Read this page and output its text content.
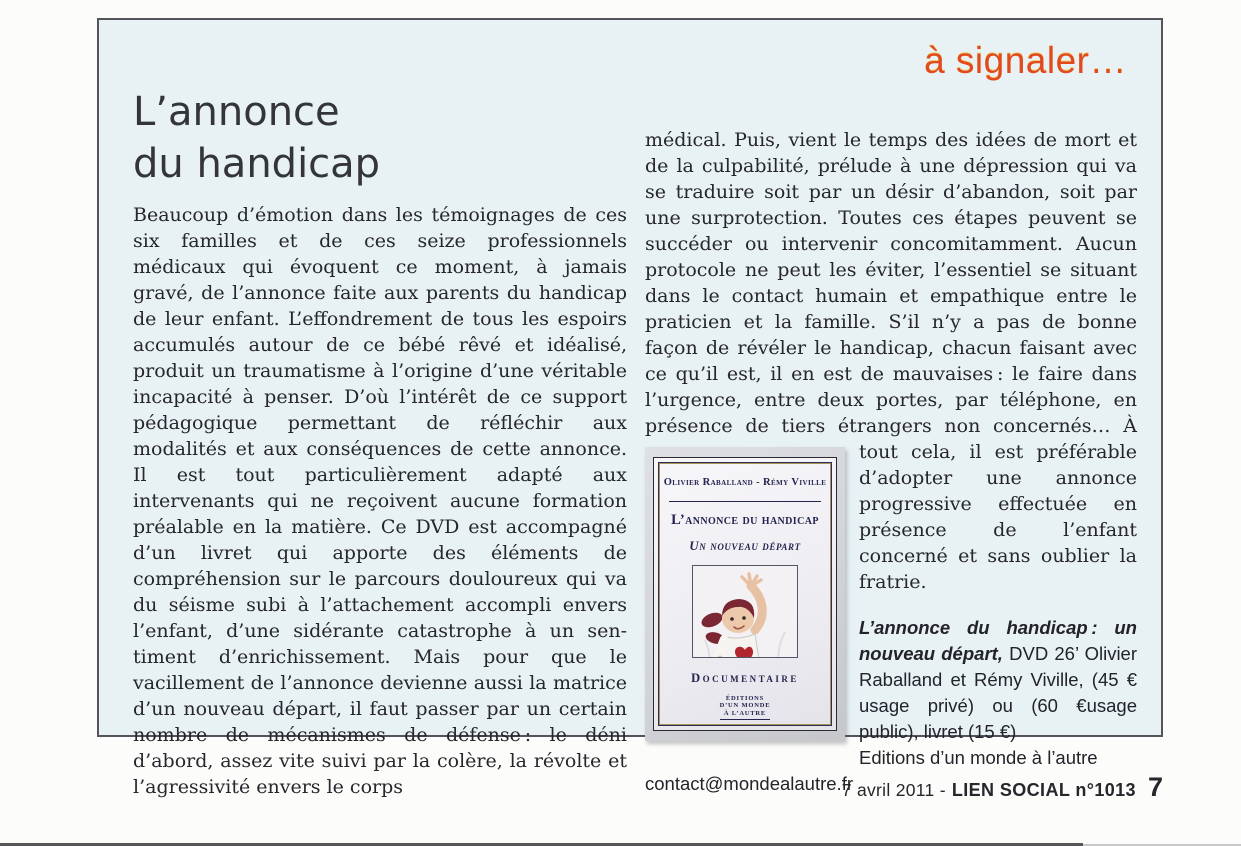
à signaler…
L’annonce
du handicap

Beaucoup d’émotion dans les témoignages de ces six familles et de ces seize professionnels médicaux qui évoquent ce moment, à jamais gravé, de l’annonce faite aux parents du handicap de leur enfant. L’effondrement de tous les espoirs accumulés autour de ce bébé rêvé et idéalisé, produit un traumatisme à l’origine d’une véritable incapacité à penser. D’où l’intérêt de ce support pédagogique permettant de réfléchir aux modalités et aux conséquences de cette annonce. Il est tout particulièrement adapté aux intervenants qui ne reçoivent aucune formation préalable en la matière. Ce DVD est accompagné d’un livret qui apporte des éléments de compréhension sur le parcours douloureux qui va du séisme subi à l’attachement accompli envers l’enfant, d’une sidérante catastrophe à un sentiment d’enrichissement. Mais pour que le vacillement de l’annonce devienne aussi la matrice d’un nouveau départ, il faut passer par un certain nombre de mécanismes de défense : le déni d’abord, assez vite suivi par la colère, la révolte et l’agressivité envers le corps

médical. Puis, vient le temps des idées de mort et de la culpabilité, prélude à une dépression qui va se traduire soit par un désir d’abandon, soit par une surprotection. Toutes ces étapes peuvent se succéder ou intervenir concomitamment. Aucun protocole ne peut les éviter, l’essentiel se situant dans le contact humain et empathique entre le praticien et la famille. S’il n’y a pas de bonne façon de révéler le handicap, chacun faisant avec ce qu’il est, il en est de mauvaises : le faire dans l’urgence, entre deux portes, par téléphone, en présence de tiers étrangers non concernés… À tout
Olivier Raballand - Rémy Viville
L’annonce du handicap
Un nouveau départ
Documentaire
ÉDITIONS
D’UN MONDE
À L’AUTRE
cela, il est préférable d’adopter une annonce progressive effectuée en présence de l’enfant concerné et sans oublier la fratrie.

L’annonce du handicap : un nouveau départ, DVD 26’ Olivier Raballand et Rémy Viville, (45 € usage privé) ou (60 €usage public), livret (15 €)

Editions d’un monde à l’autre

contact@mondealautre.fr

7 avril 2011 - LIEN SOCIAL n°1013 7
